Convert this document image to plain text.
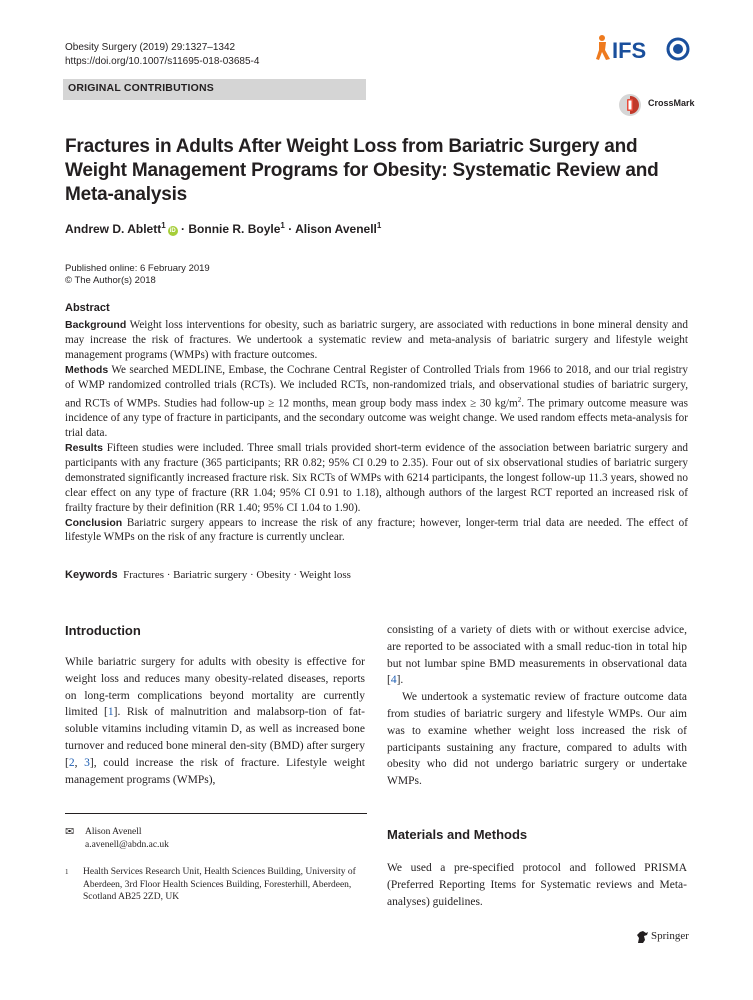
Obesity Surgery (2019) 29:1327–1342
https://doi.org/10.1007/s11695-018-03685-4
ORIGINAL CONTRIBUTIONS
IFS
CrossMark
Fractures in Adults After Weight Loss from Bariatric Surgery and Weight Management Programs for Obesity: Systematic Review and Meta-analysis
Andrew D. Ablett$^1$iD · Bonnie R. Boyle$^1$ · Alison Avenell$^1$
Published online: 6 February 2019
© The Author(s) 2018
Abstract

Background Weight loss interventions for obesity, such as bariatric surgery, are associated with reductions in bone mineral density and may increase the risk of fractures. We undertook a systematic review and meta-analysis of bariatric surgery and lifestyle weight management programs (WMPs) with fracture outcomes.

Methods We searched MEDLINE, Embase, the Cochrane Central Register of Controlled Trials from 1966 to 2018, and our trial registry of WMP randomized controlled trials (RCTs). We included RCTs, non-randomized trials, and observational studies of bariatric surgery, and RCTs of WMPs. Studies had follow-up ≥ 12 months, mean group body mass index ≥ 30 $kg/m^2$. The primary outcome measure was incidence of any type of fracture in participants, and the secondary outcome was weight change. We used random effects meta-analysis for trial data.

Results Fifteen studies were included. Three small trials provided short-term evidence of the association between bariatric surgery and participants with any fracture (365 participants; RR 0.82; 95% CI 0.29 to 2.35). Four out of six observational studies of bariatric surgery demonstrated significantly increased fracture risk. Six RCTs of WMPs with 6214 participants, the longest follow-up 11.3 years, showed no clear effect on any type of fracture (RR 1.04; 95% CI 0.91 to 1.18), although authors of the largest RCT reported an increased risk of frailty fracture by their definition (RR 1.40; 95% CI 1.04 to 1.90).

Conclusion Bariatric surgery appears to increase the risk of any fracture; however, longer-term trial data are needed. The effect of lifestyle WMPs on the risk of any fracture is currently unclear.

Keywords Fractures · Bariatric surgery · Obesity · Weight loss
Introduction

While bariatric surgery for adults with obesity is effective for weight loss and reduces many obesity-related diseases, reports on long-term complications beyond mortality are currently limited [1]. Risk of malnutrition and malabsorp-tion of fat-soluble vitamins including vitamin D, as well as increased bone turnover and reduced bone mineral den-sity (BMD) after surgery [2, 3], could increase the risk of fracture. Lifestyle weight management programs (WMPs),

consisting of a variety of diets with or without exercise advice, are reported to be associated with a small reduc-tion in total hip but not lumbar spine BMD measurements in observational data [4].

We undertook a systematic review of fracture outcome data from studies of bariatric surgery and lifestyle WMPs. Our aim was to examine whether weight loss increased the risk of participants sustaining any fracture, compared to adults with obesity who did not undergo bariatric surgery or undertake WMPs.

Materials and Methods

We used a pre-specified protocol and followed PRISMA (Preferred Reporting Items for Systematic reviews and Meta-analyses) guidelines.

✉ Alison Avenell
a.avenell@abdn.ac.uk
1 Health Services Research Unit, Health Sciences Building, University of Aberdeen, 3rd Floor Health Sciences Building, Foresterhill, Aberdeen, Scotland AB25 2ZD, UK
Springer
